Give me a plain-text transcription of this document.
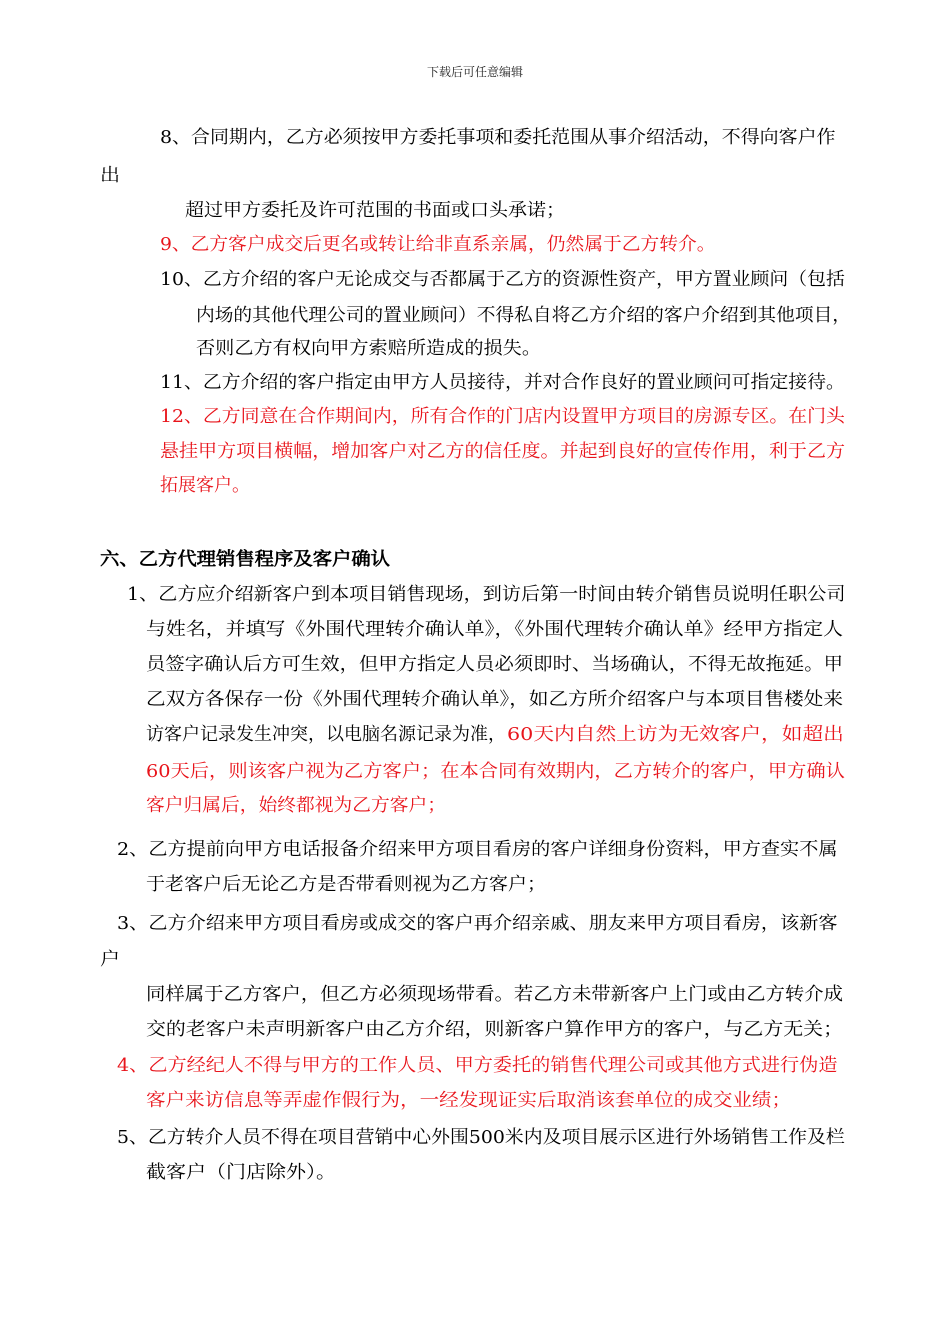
下载后可任意编辑
8、合同期内，乙方必须按甲方委托事项和委托范围从事介绍活动，不得向客户作
出
超过甲方委托及许可范围的书面或口头承诺；
9、乙方客户成交后更名或转让给非直系亲属，仍然属于乙方转介。
10、乙方介绍的客户无论成交与否都属于乙方的资源性资产，甲方置业顾问（包括
内场的其他代理公司的置业顾问）不得私自将乙方介绍的客户介绍到其他项目，
否则乙方有权向甲方索赔所造成的损失。
11、乙方介绍的客户指定由甲方人员接待，并对合作良好的置业顾问可指定接待。
12、乙方同意在合作期间内，所有合作的门店内设置甲方项目的房源专区。在门头
悬挂甲方项目横幅，增加客户对乙方的信任度。并起到良好的宣传作用，利于乙方
拓展客户。
六、乙方代理销售程序及客户确认
1、乙方应介绍新客户到本项目销售现场，到访后第一时间由转介销售员说明任职公司
与姓名，并填写《外围代理转介确认单》，《外围代理转介确认单》经甲方指定人
员签字确认后方可生效，但甲方指定人员必须即时、当场确认，不得无故拖延。甲
乙双方各保存一份《外围代理转介确认单》，如乙方所介绍客户与本项目售楼处来
访客户记录发生冲突，以电脑名源记录为准， 60天内自然上访为无效客户，如超出
60天后，则该客户视为乙方客户；在本合同有效期内，乙方转介的客户，甲方确认
客户归属后，始终都视为乙方客户；
2、乙方提前向甲方电话报备介绍来甲方项目看房的客户详细身份资料，甲方查实不属
于老客户后无论乙方是否带看则视为乙方客户；
3、乙方介绍来甲方项目看房或成交的客户再介绍亲戚、朋友来甲方项目看房，该新客
户
同样属于乙方客户，但乙方必须现场带看。若乙方未带新客户上门或由乙方转介成
交的老客户未声明新客户由乙方介绍，则新客户算作甲方的客户，与乙方无关；
4、乙方经纪人不得与甲方的工作人员、甲方委托的销售代理公司或其他方式进行伪造
客户来访信息等弄虚作假行为，一经发现证实后取消该套单位的成交业绩；
5、乙方转介人员不得在项目营销中心外围500米内及项目展示区进行外场销售工作及栏
截客户（门店除外）。
